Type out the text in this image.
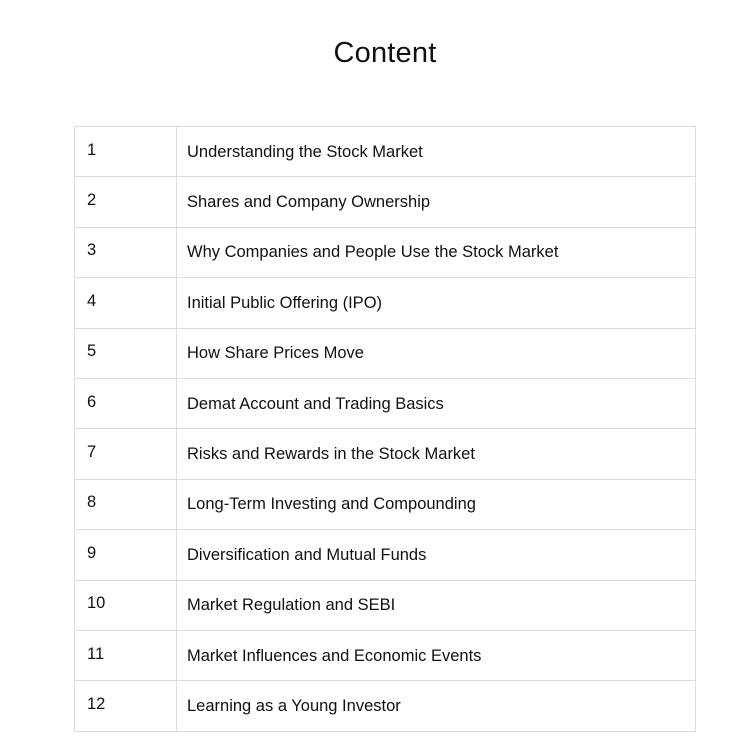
Content
1	Understanding the Stock Market
2	Shares and Company Ownership
3	Why Companies and People Use the Stock Market
4	Initial Public Offering (IPO)
5	How Share Prices Move
6	Demat Account and Trading Basics
7	Risks and Rewards in the Stock Market
8	Long-Term Investing and Compounding
9	Diversification and Mutual Funds
10	Market Regulation and SEBI
11	Market Influences and Economic Events
12	Learning as a Young Investor
